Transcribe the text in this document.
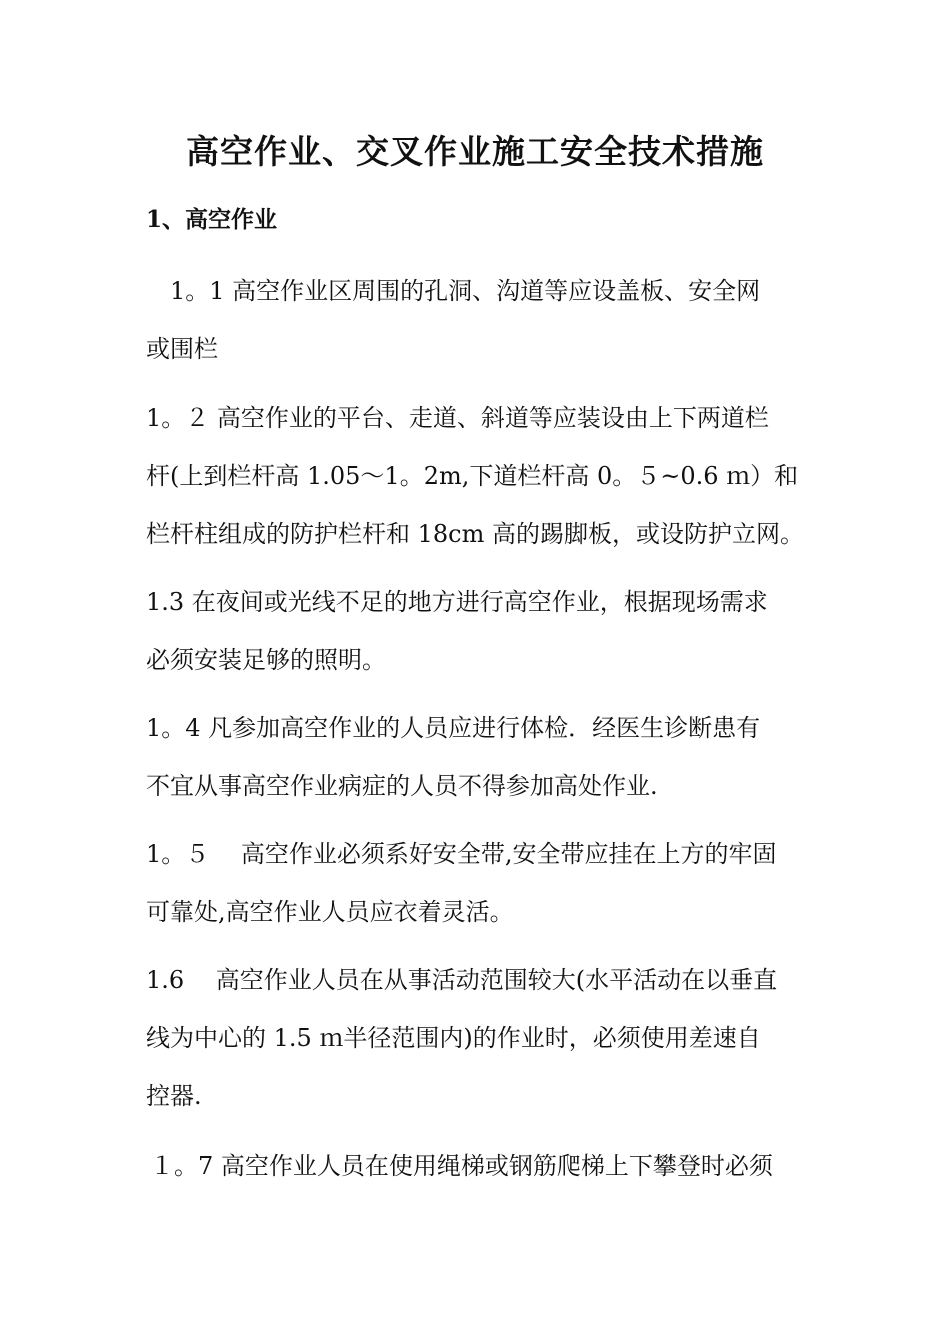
高空作业、交叉作业施工安全技术措施
1、高空作业
1。1 高空作业区周围的孔洞、沟道等应设盖板、安全网
或围栏
1。２ 高空作业的平台、走道、斜道等应装设由上下两道栏
杆(上到栏杆高 1.05～1。2m,下道栏杆高 0。５~0.6 ｍ）和
栏杆柱组成的防护栏杆和 18cm 高的踢脚板，或设防护立网。
1.3 在夜间或光线不足的地方进行高空作业，根据现场需求
必须安装足够的照明。
1。4 凡参加高空作业的人员应进行体检．经医生诊断患有
不宜从事高空作业病症的人员不得参加高处作业.
1。５　 高空作业必须系好安全带,安全带应挂在上方的牢固
可靠处,高空作业人员应衣着灵活。
1.6　 高空作业人员在从事活动范围较大(水平活动在以垂直
线为中心的 1.5 ｍ半径范围内)的作业时，必须使用差速自
控器.
１。7 高空作业人员在使用绳梯或钢筋爬梯上下攀登时必须
